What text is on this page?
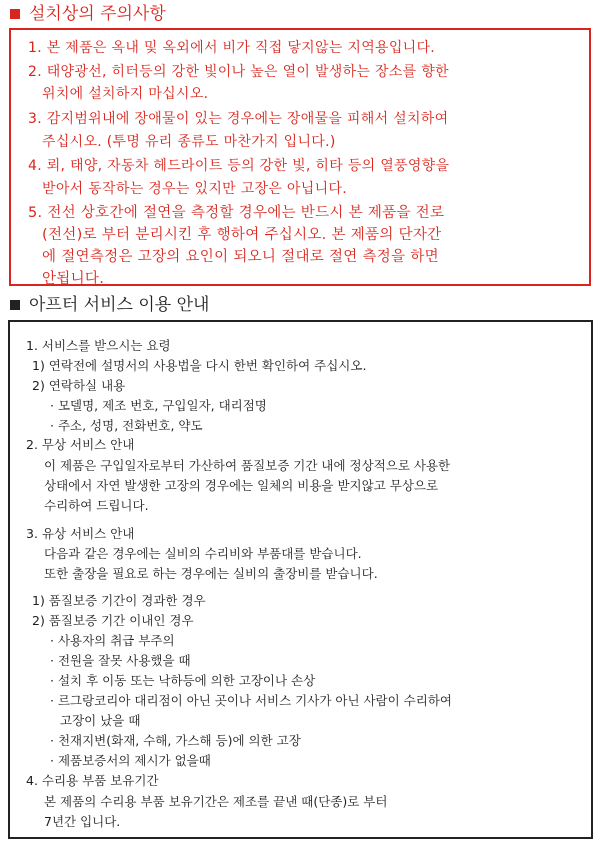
설치상의 주의사항
1. 본 제품은 옥내 및 옥외에서 비가 직접 닿지않는 지역용입니다.
2. 태양광선, 히터등의 강한 빛이나 높은 열이 발생하는 장소를 향한
위치에 설치하지 마십시오.
3. 감지범위내에 장애물이 있는 경우에는 장애물을 피해서 설치하여
주십시오. (투명 유리 종류도 마찬가지 입니다.)
4. 뢰, 태양, 자동차 헤드라이트 등의 강한 빛, 히타 등의 열풍영향을
받아서 동작하는 경우는 있지만 고장은 아닙니다.
5. 전선 상호간에 절연을 측정할 경우에는 반드시 본 제품을 전로
(전선)로 부터 분리시킨 후 행하여 주십시오. 본 제품의 단자간
에 절연측정은 고장의 요인이 되오니 절대로 절연 측정을 하면
안됩니다.
아프터 서비스 이용 안내
1. 서비스를 받으시는 요령
1) 연락전에 설명서의 사용법을 다시 한번 확인하여 주십시오.
2) 연락하실 내용
· 모델명, 제조 번호, 구입일자, 대리점명
· 주소, 성명, 전화번호, 약도
2. 무상 서비스 안내
이 제품은 구입일자로부터 가산하여 품질보증 기간 내에 정상적으로 사용한
상태에서 자연 발생한 고장의 경우에는 일체의 비용을 받지않고 무상으로
수리하여 드립니다.
3. 유상 서비스 안내
다음과 같은 경우에는 실비의 수리비와 부품대를 받습니다.
또한 출장을 필요로 하는 경우에는 실비의 출장비를 받습니다.
1) 품질보증 기간이 경과한 경우
2) 품질보증 기간 이내인 경우
· 사용자의 취급 부주의
· 전원을 잘못 사용했을 때
· 설치 후 이동 또는 낙하등에 의한 고장이나 손상
· 르그랑코리아 대리점이 아닌 곳이나 서비스 기사가 아닌 사람이 수리하여
고장이 났을 때
· 천재지변(화재, 수해, 가스해 등)에 의한 고장
· 제품보증서의 제시가 없을때
4. 수리용 부품 보유기간
본 제품의 수리용 부품 보유기간은 제조를 끝낸 때(단종)로 부터
7년간 입니다.
